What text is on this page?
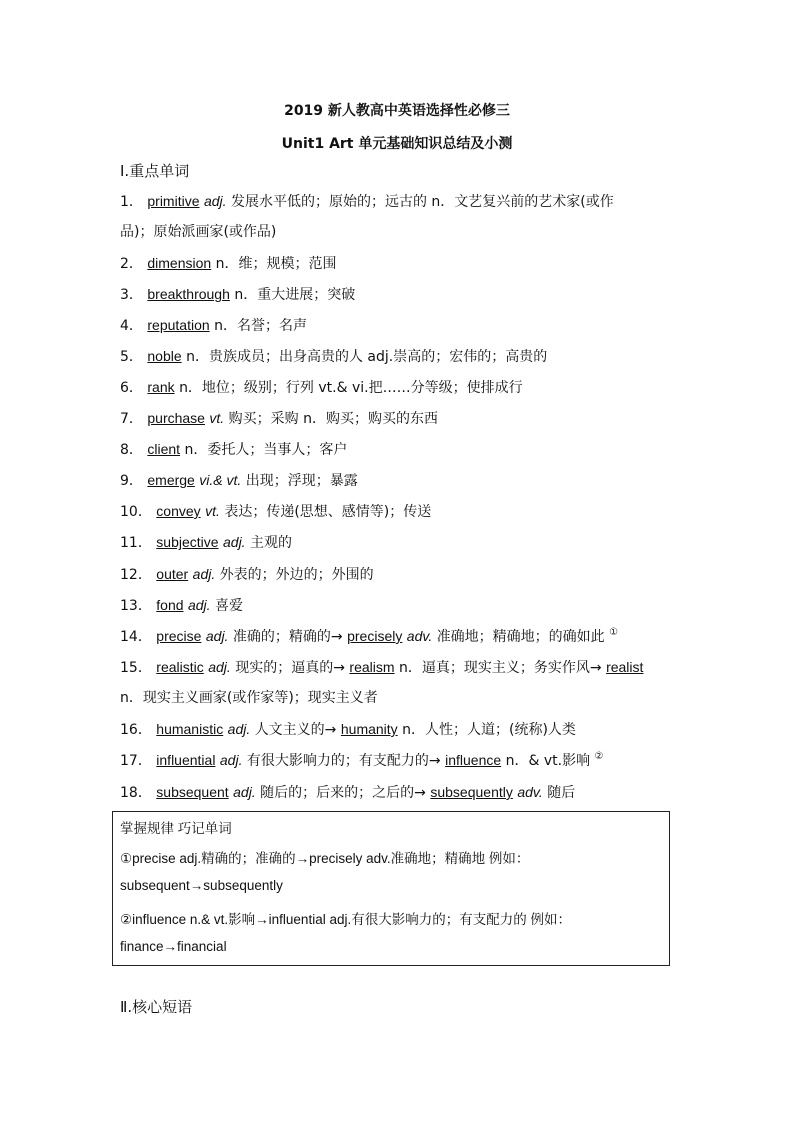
2019 新人教高中英语选择性必修三
Unit1 Art 单元基础知识总结及小测
Ⅰ.重点单词
1． primitive adj. 发展水平低的；原始的；远古的 n．文艺复兴前的艺术家(或作
品)；原始派画家(或作品)
2． dimension n．维；规模；范围
3． breakthrough n．重大进展；突破
4． reputation n．名誉；名声
5． noble n．贵族成员；出身高贵的人 adj.崇高的；宏伟的；高贵的
6． rank n．地位；级别；行列 vt.& vi.把……分等级；使排成行
7． purchase vt. 购买；采购 n．购买；购买的东西
8． client n．委托人；当事人；客户
9． emerge vi.& vt. 出现；浮现；暴露
10． convey vt. 表达；传递(思想、感情等)；传送
11． subjective adj. 主观的
12． outer adj. 外表的；外边的；外围的
13． fond adj. 喜爱
14． precise adj. 准确的；精确的→ precisely adv. 准确地；精确地；的确如此 ①
15． realistic adj. 现实的；逼真的→ realism n．逼真；现实主义；务实作风→ realist
n．现实主义画家(或作家等)；现实主义者
16． humanistic adj. 人文主义的→ humanity n．人性；人道；(统称)人类
17． influential adj. 有很大影响力的；有支配力的→ influence n．& vt.影响 ②
18． subsequent adj. 随后的；后来的；之后的→ subsequently adv. 随后
掌握规律 巧记单词
①precise adj.精确的；准确的→precisely adv.准确地；精确地 例如：
subsequent→subsequently
②influence n.& vt.影响→influential adj.有很大影响力的；有支配力的 例如：
finance→financial
Ⅱ.核心短语
